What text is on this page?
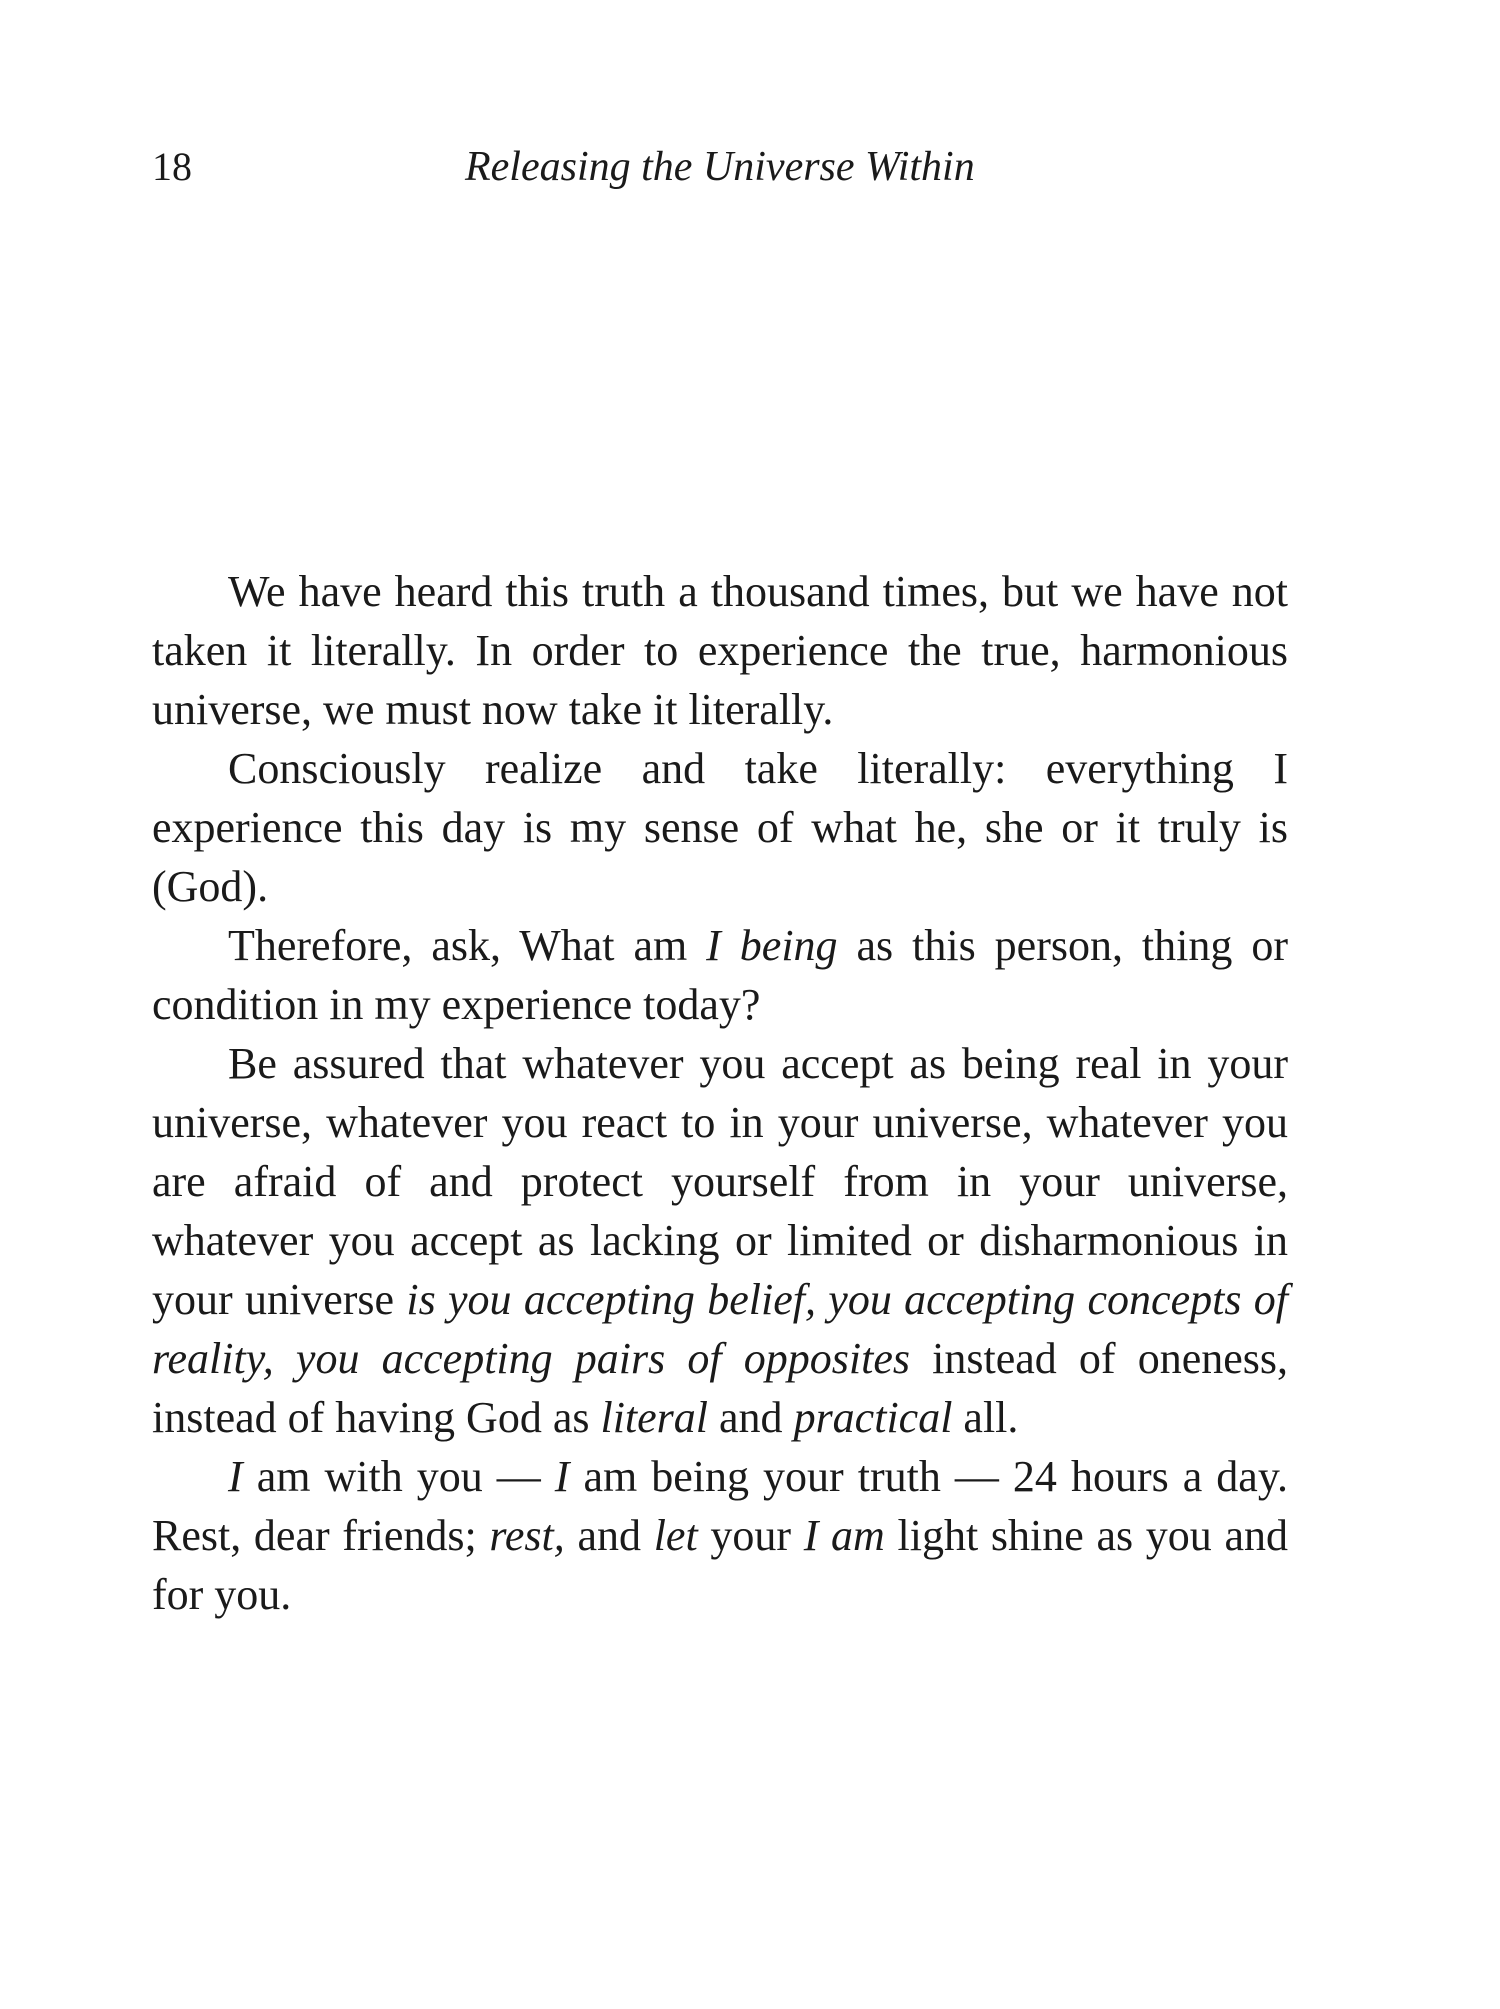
18	Releasing the Universe Within

We have heard this truth a thousand times, but we have not taken it literally. In order to experience the true, harmonious universe, we must now take it literally.

Consciously realize and take literally: everything I experience this day is my sense of what he, she or it truly is (God).

Therefore, ask, What am I being as this person, thing or condition in my experience today?

Be assured that whatever you accept as being real in your universe, whatever you react to in your universe, whatever you are afraid of and protect yourself from in your universe, whatever you accept as lacking or limited or disharmonious in your universe is you accepting belief, you accepting concepts of reality, you accepting pairs of opposites instead of oneness, instead of having God as literal and practical all.

I am with you — I am being your truth — 24 hours a day. Rest, dear friends; rest, and let your I am light shine as you and for you.
